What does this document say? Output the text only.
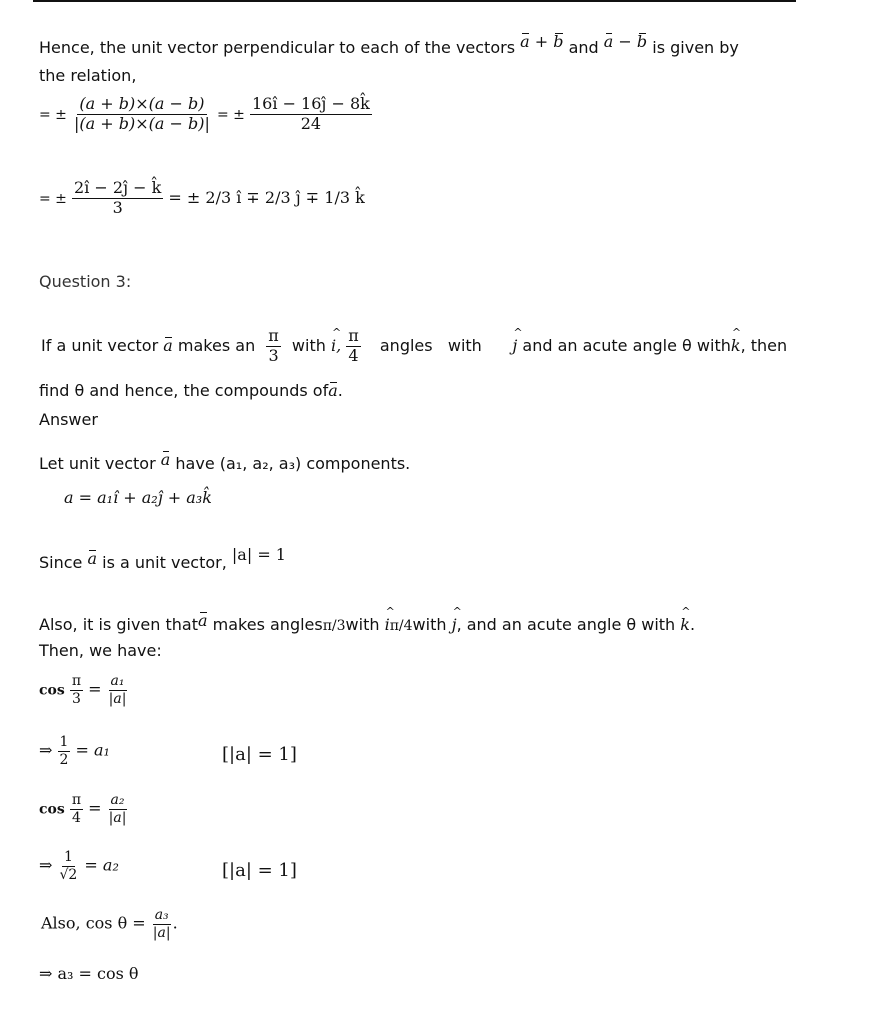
Hence, the unit vector perpendicular to each of the vectors a + b and a − b is given by
the relation,
= ± $\frac{(a + b)\times(a - b)}{|(a + b)\times(a - b)|}$ = ± $\frac{16î - 16ĵ - 8k̂}{24}$
= ± $\frac{2î - 2ĵ - k̂}{3}$ = ± 2/3 î ∓ 2/3 ĵ ∓ 1/3 k̂
Question 3:
If a unit vector a makes an $\frac{\pi}{3}$ with ^ i, $\frac{\pi}{4}$ angles with ^ j and an acute angle θ with^ k, then
find θ and hence, the compounds ofa.
Answer
Let unit vector a have (a₁, a₂, a₃) components.
a = a₁î + a₂ĵ + a₃k̂
Since a is a unit vector, |a| = 1
Also, it is given thata makes anglesπ/3with ^ iπ/4with ^ j, and an acute angle θ with ^ k.
Then, we have:
$\cos \frac{\pi}{3} = \frac{\text{a₁}}{|a|}$
⇒ $\frac{1}{2} = a_1$	[|a| = 1]
$\cos \frac{\pi}{4} = \frac{\text{a₂}}{|a|}$
⇒ $\frac{1}{√2} = a_2$	[|a| = 1]
Also, $\cos \theta = \frac{\text{a₃}}{|a|}$ .
⇒ a₃ = cos θ
